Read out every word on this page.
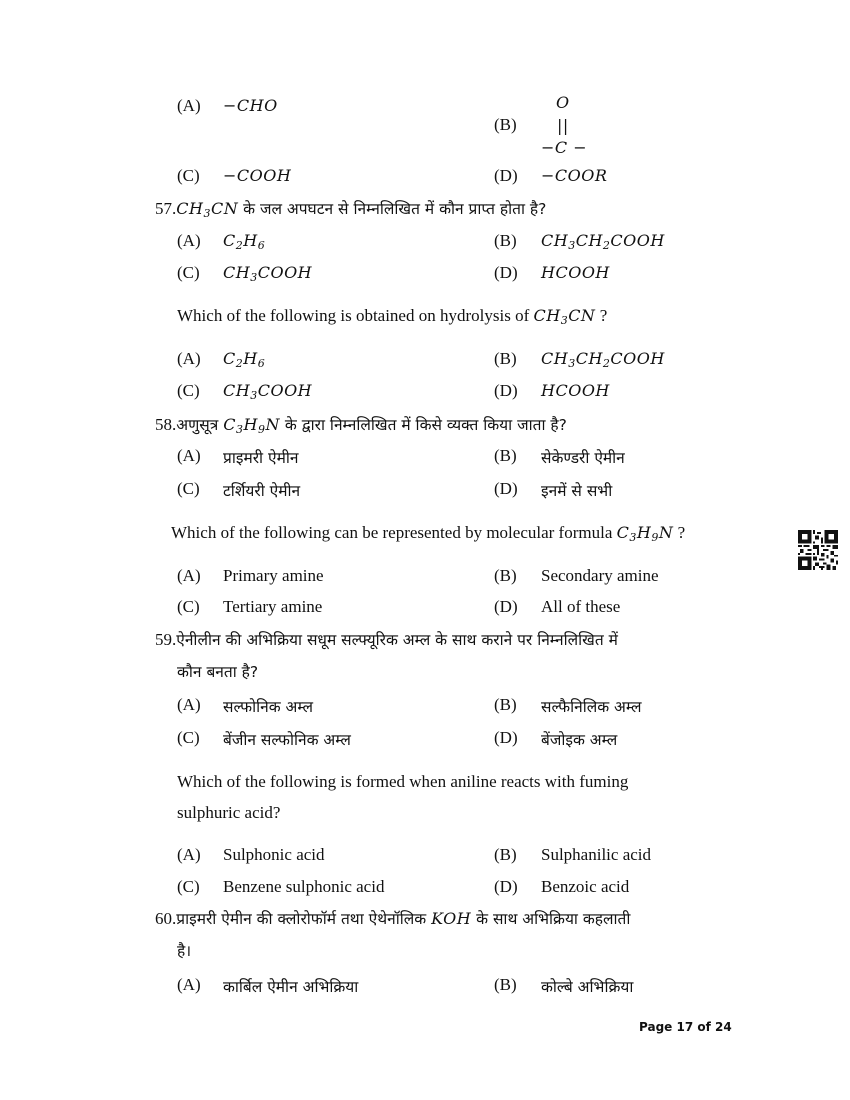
(A) −CHO	O
(B)	||
−C −
(C) −COOH	(D) −COOR
$57.CH_3CN$ के जल अपघटन से निम्नलिखित में कौन प्राप्त होता है?
(A) $C_2H_6$	(B) $CH_3CH_2COOH$
(C) $CH_3COOH$	(D) HCOOH
Which of the following is obtained on hydrolysis of $CH_3CN$ ?
(A) $C_2H_6$	(B) $CH_3CH_2COOH$
(C) $CH_3COOH$	(D) HCOOH
58.अणुसूत्र $C_3H_9N$ के द्वारा निम्नलिखित में किसे व्यक्त किया जाता है?
(A) प्राइमरी ऐमीन	(B) सेकेण्डरी ऐमीन
(C) टर्शियरी ऐमीन	(D) इनमें से सभी
Which of the following can be represented by molecular formula $C_3H_9N$ ?
(A) Primary amine	(B) Secondary amine
(C) Tertiary amine	(D) All of these
59.ऐनीलीन की अभिक्रिया सधूम सल्फ्यूरिक अम्ल के साथ कराने पर निम्नलिखित में
कौन बनता है?
(A) सल्फोनिक अम्ल	(B) सल्फैनिलिक अम्ल
(C) बेंजीन सल्फोनिक अम्ल	(D) बेंजोइक अम्ल
Which of the following is formed when aniline reacts with fuming
sulphuric acid?
(A) Sulphonic acid	(B) Sulphanilic acid
(C) Benzene sulphonic acid	(D) Benzoic acid
60.प्राइमरी ऐमीन की क्लोरोफॉर्म तथा ऐथेनॉलिक KOH के साथ अभिक्रिया कहलाती
है।
(A) कार्बिल ऐमीन अभिक्रिया	(B) कोल्बे अभिक्रिया
Page 17 of 24
